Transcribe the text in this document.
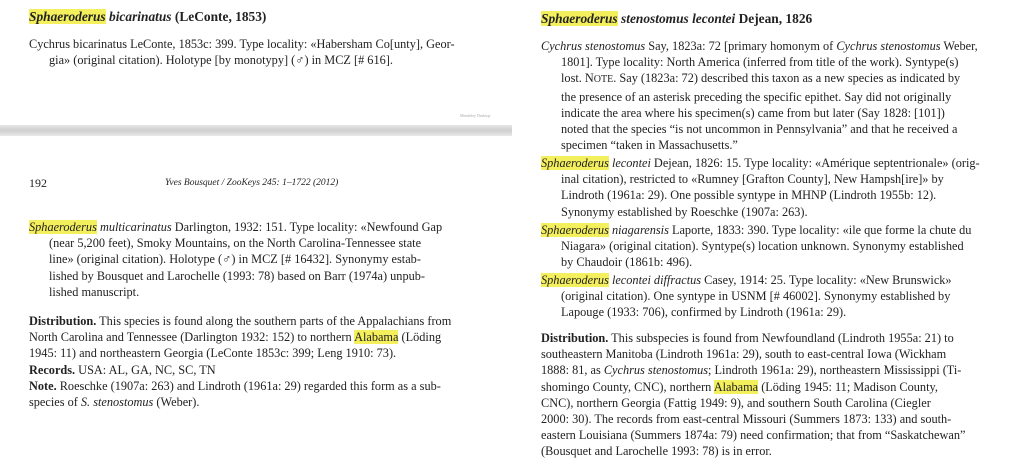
Sphaeroderus bicarinatus (LeConte, 1853)
Cychrus bicarinatus LeConte, 1853c: 399. Type locality: «Habersham Co[unty], Geor-
gia» (original citation). Holotype [by monotypy] (♂) in MCZ [# 616].
Mendeley Desktop
192	Yves Bousquet / ZooKeys 245: 1–1722 (2012)
Sphaeroderus multicarinatus Darlington, 1932: 151. Type locality: «Newfound Gap
(near 5,200 feet), Smoky Mountains, on the North Carolina-Tennessee state
line» (original citation). Holotype (♂) in MCZ [# 16432]. Synonymy estab-
lished by Bousquet and Larochelle (1993: 78) based on Barr (1974a) unpub-
lished manuscript.
Distribution. This species is found along the southern parts of the Appalachians from
North Carolina and Tennessee (Darlington 1932: 152) to northern Alabama (Löding
1945: 11) and northeastern Georgia (LeConte 1853c: 399; Leng 1910: 73).
Records. USA: AL, GA, NC, SC, TN
Note. Roeschke (1907a: 263) and Lindroth (1961a: 29) regarded this form as a sub-
species of S. stenostomus (Weber).
Sphaeroderus stenostomus lecontei Dejean, 1826
Cychrus stenostomus Say, 1823a: 72 [primary homonym of Cychrus stenostomus Weber,
1801]. Type locality: North America (inferred from title of the work). Syntype(s)
lost. NOTE. Say (1823a: 72) described this taxon as a new species as indicated by
the presence of an asterisk preceding the specific epithet. Say did not originally
indicate the area where his specimen(s) came from but later (Say 1828: [101])
noted that the species “is not uncommon in Pennsylvania” and that he received a
specimen “taken in Massachusetts.”
Sphaeroderus lecontei Dejean, 1826: 15. Type locality: «Amérique septentrionale» (orig-
inal citation), restricted to «Rumney [Grafton County], New Hampsh[ire]» by
Lindroth (1961a: 29). One possible syntype in MHNP (Lindroth 1955b: 12).
Synonymy established by Roeschke (1907a: 263).
Sphaeroderus niagarensis Laporte, 1833: 390. Type locality: «ile que forme la chute du
Niagara» (original citation). Syntype(s) location unknown. Synonymy established
by Chaudoir (1861b: 496).
Sphaeroderus lecontei diffractus Casey, 1914: 25. Type locality: «New Brunswick»
(original citation). One syntype in USNM [# 46002]. Synonymy established by
Lapouge (1933: 706), confirmed by Lindroth (1961a: 29).
Distribution. This subspecies is found from Newfoundland (Lindroth 1955a: 21) to
southeastern Manitoba (Lindroth 1961a: 29), south to east-central Iowa (Wickham
1888: 81, as Cychrus stenostomus; Lindroth 1961a: 29), northeastern Mississippi (Ti-
shomingo County, CNC), northern Alabama (Löding 1945: 11; Madison County,
CNC), northern Georgia (Fattig 1949: 9), and southern South Carolina (Ciegler
2000: 30). The records from east-central Missouri (Summers 1873: 133) and south-
eastern Louisiana (Summers 1874a: 79) need confirmation; that from “Saskatchewan”
(Bousquet and Larochelle 1993: 78) is in error.
